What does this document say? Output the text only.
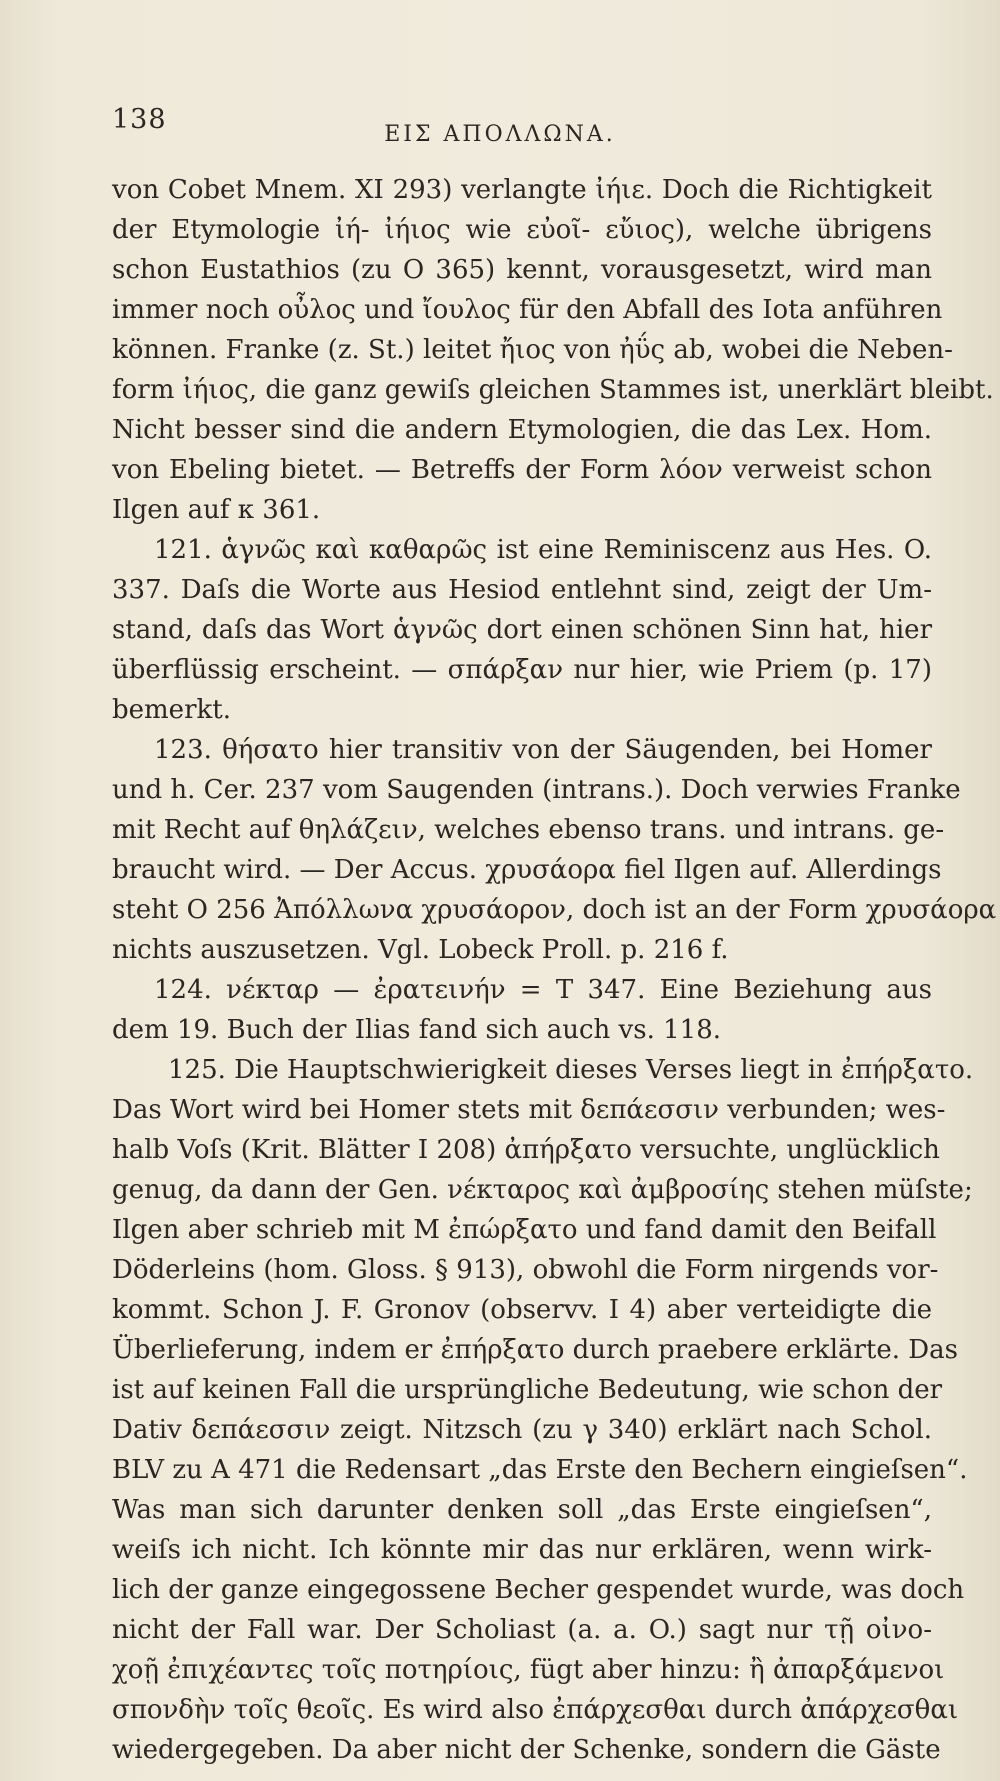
138	ΕΙΣ ΑΠΟΛΛΩΝΑ.
von Cobet Mnem. XI 293) verlangte ἰήιε. Doch die Richtigkeit
der Etymologie ἰή- ἰήιος wie εὐοῖ- εὔιος), welche übrigens
schon Eustathios (zu O 365) kennt, vorausgesetzt, wird man
immer noch οὖλος und ἴουλος für den Abfall des Iota anführen
können. Franke (z. St.) leitet ἤιος von ἠΰς ab, wobei die Neben-
form ἰήιος, die ganz gewiſs gleichen Stammes ist, unerklärt bleibt.
Nicht besser sind die andern Etymologien, die das Lex. Hom.
von Ebeling bietet. — Betreffs der Form λόον verweist schon
Ilgen auf κ 361.
121. ἁγνῶς καὶ καθαρῶς ist eine Reminiscenz aus Hes. O.
337. Daſs die Worte aus Hesiod entlehnt sind, zeigt der Um-
stand, daſs das Wort ἁγνῶς dort einen schönen Sinn hat, hier
überflüssig erscheint. — σπάρξαν nur hier, wie Priem (p. 17)
bemerkt.
123. θήσατο hier transitiv von der Säugenden, bei Homer
und h. Cer. 237 vom Saugenden (intrans.). Doch verwies Franke
mit Recht auf θηλάζειν, welches ebenso trans. und intrans. ge-
braucht wird. — Der Accus. χρυσάορα fiel Ilgen auf. Allerdings
steht O 256 Ἀπόλλωνα χρυσάορον, doch ist an der Form χρυσάορα
nichts auszusetzen. Vgl. Lobeck Proll. p. 216 f.
124. νέκταρ — ἐρατεινήν = T 347. Eine Beziehung aus
dem 19. Buch der Ilias fand sich auch vs. 118.
125. Die Hauptschwierigkeit dieses Verses liegt in ἐπήρξατο.
Das Wort wird bei Homer stets mit δεπάεσσιν verbunden; wes-
halb Voſs (Krit. Blätter I 208) ἀπήρξατο versuchte, unglücklich
genug, da dann der Gen. νέκταρος καὶ ἀμβροσίης stehen müſste;
Ilgen aber schrieb mit M ἐπώρξατο und fand damit den Beifall
Döderleins (hom. Gloss. § 913), obwohl die Form nirgends vor-
kommt. Schon J. F. Gronov (observv. I 4) aber verteidigte die
Überlieferung, indem er ἐπήρξατο durch praebere erklärte. Das
ist auf keinen Fall die ursprüngliche Bedeutung, wie schon der
Dativ δεπάεσσιν zeigt. Nitzsch (zu γ 340) erklärt nach Schol.
BLV zu A 471 die Redensart „das Erste den Bechern eingieſsen“.
Was man sich darunter denken soll „das Erste eingieſsen“,
weiſs ich nicht. Ich könnte mir das nur erklären, wenn wirk-
lich der ganze eingegossene Becher gespendet wurde, was doch
nicht der Fall war. Der Scholiast (a. a. O.) sagt nur τῇ οἰνο-
χοῇ ἐπιχέαντες τοῖς ποτηρίοις, fügt aber hinzu: ἢ ἀπαρξάμενοι
σπονδὴν τοῖς θεοῖς. Es wird also ἐπάρχεσθαι durch ἀπάρχεσθαι
wiedergegeben. Da aber nicht der Schenke, sondern die Gäste
